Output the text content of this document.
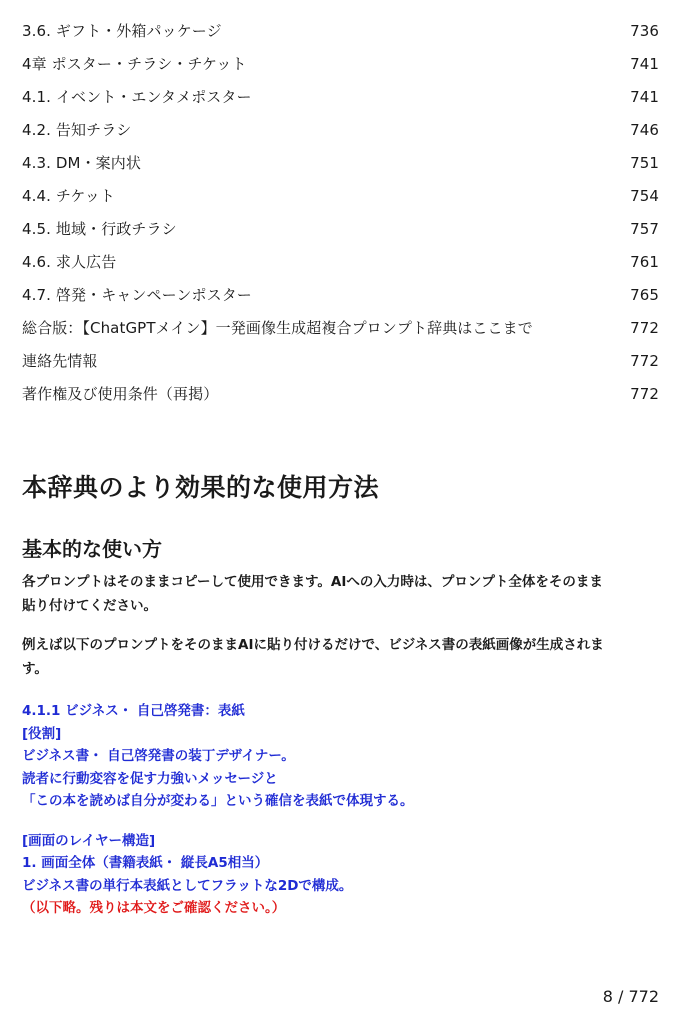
3.6. ギフト・外箱パッケージ	736
4章 ポスター・チラシ・チケット	741
4.1. イベント・エンタメポスター	741
4.2. 告知チラシ	746
4.3. DM・案内状	751
4.4. チケット	754
4.5. 地域・行政チラシ	757
4.6. 求人広告	761
4.7. 啓発・キャンペーンポスター	765
総合版：【ChatGPTメイン】一発画像生成超複合プロンプト辞典はここまで	772
連絡先情報	772
著作権及び使用条件（再掲）	772
本辞典のより効果的な使用方法
基本的な使い方

各プロンプトはそのままコピーして使用できます。AIへの入力時は、プロンプト全体をそのまま
貼り付けてください。

例えば以下のプロンプトをそのままAIに貼り付けるだけで、ビジネス書の表紙画像が生成されま
す。

4.1.1 ビジネス・ 自己啓発書：表紙
[役割]
ビジネス書・ 自己啓発書の装丁デザイナー。
読者に行動変容を促す力強いメッセージと
「この本を読めば自分が変わる」という確信を表紙で体現する。
[画面のレイヤー構造]
1. 画面全体（書籍表紙・ 縦長A5相当）
ビジネス書の単行本表紙としてフラットな2Dで構成。
（以下略。残りは本文をご確認ください。）
8 / 772
